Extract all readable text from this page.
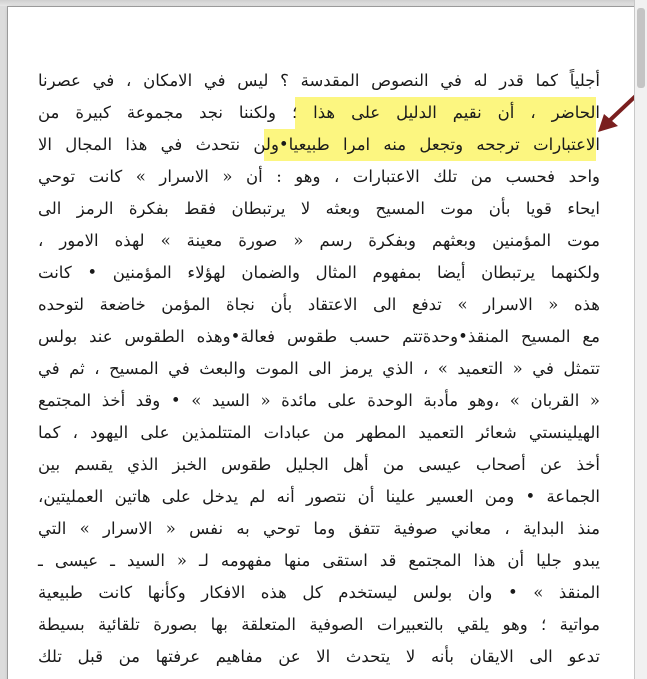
أجلياً كما قدر له في النصوص المقدسة ؟ ليس في الامكان ، في عصرنا
الحاضر ، أن نقيم الدليل على هذا ؛ ولكننا نجد مجموعة كبيرة من
الاعتبارات ترجحه وتجعل منه امرا طبيعيا•ولن نتحدث في هذا المجال الا
واحد فحسب من تلك الاعتبارات ، وهو : أن « الاسرار » كانت توحي
ايحاء قويا بأن موت المسيح وبعثه لا يرتبطان فقط بفكرة الرمز الى
موت المؤمنين وبعثهم وبفكرة رسم « صورة معينة » لهذه الامور ،
ولكنهما يرتبطان أيضا بمفهوم المثال والضمان لهؤلاء المؤمنين • كانت
هذه « الاسرار » تدفع الى الاعتقاد بأن نجاة المؤمن خاضعة لتوحده
مع المسيح المنقذ•وحدةتتم حسب طقوس فعالة•وهذه الطقوس عند بولس
تتمثل في « التعميد » ، الذي يرمز الى الموت والبعث في المسيح ، ثم في
« القربان » ،وهو مأدبة الوحدة على مائدة « السيد » • وقد أخذ المجتمع
الهيلينستي شعائر التعميد المطهر من عبادات المتتلمذين على اليهود ، كما
أخذ عن أصحاب عيسى من أهل الجليل طقوس الخبز الذي يقسم بين
الجماعة • ومن العسير علينا أن نتصور أنه لم يدخل على هاتين العمليتين،
منذ البداية ، معاني صوفية تتفق وما توحي به نفس « الاسرار » التي
يبدو جليا أن هذا المجتمع قد استقى منها مفهومه لـ « السيد ـ عيسى ـ
المنقذ » • وان بولس ليستخدم كل هذه الافكار وكأنها كانت طبيعية
مواتية ؛ وهو يلقي بالتعبيرات الصوفية المتعلقة بها بصورة تلقائية بسيطة
تدعو الى الايقان بأنه لا يتحدث الا عن مفاهيم عرفتها من قبل تلك
